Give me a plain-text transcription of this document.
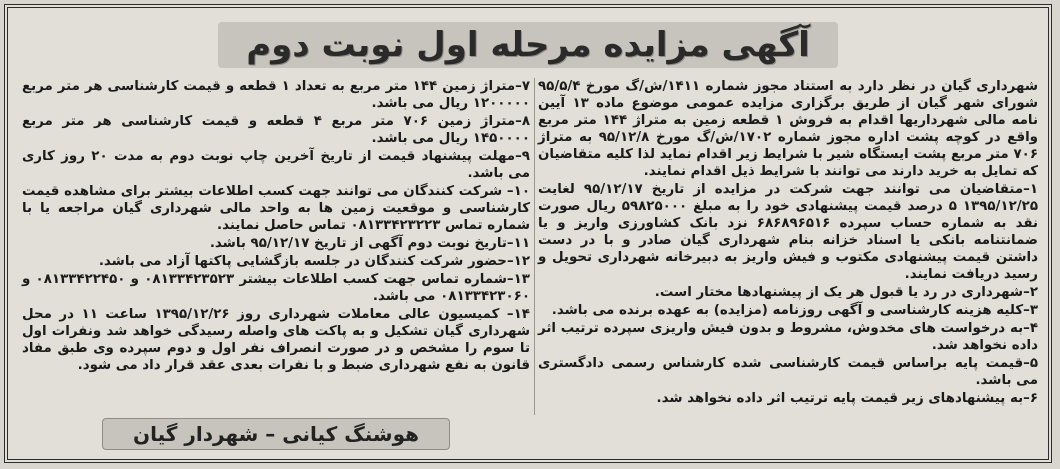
آگهی مزایده مرحله اول نوبت دوم

شهرداری گیان در نظر دارد به استناد مجوز شماره ۱۴۱۱/ش/گ مورخ ۹۵/۵/۴ شورای شهر گیان از طریق برگزاری مزایده عمومی موضوع ماده ۱۳ آیین نامه مالی شهرداریها اقدام به فروش ۱ قطعه زمین به متراژ ۱۴۴ متر مربع واقع در کوچه پشت اداره مجوز شماره ۱۷۰۲/ش/گ مورخ ۹۵/۱۲/۸ به متراژ ۷۰۶ متر مربع پشت ایستگاه شیر با شرایط زیر اقدام نماید لذا کلیه متقاضیان که تمایل به خرید دارند می توانند با شرایط ذیل اقدام نمایند.

۱–متقاضیان می توانند جهت شرکت در مزایده از تاریخ ۹۵/۱۲/۱۷ لغایت ۱۳۹۵/۱۲/۲۵ ۵ درصد قیمت پیشنهادی خود را به مبلغ ۵۹۸۲۵۰۰۰ ریال صورت نقد به شماره حساب سپرده ۶۸۶۸۹۶۵۱۶ نزد بانک کشاورزی واریز و یا ضمانتنامه بانکی یا اسناد خزانه بنام شهرداری گیان صادر و با در دست داشتن قیمت پیشنهادی مکتوب و فیش واریز به دبیرخانه شهرداری تحویل و رسید دریافت نمایند.

۲–شهرداری در رد یا قبول هر یک از پیشنهادها مختار است.

۳–کلیه هزینه کارشناسی و آگهی روزنامه (مزایده) به عهده برنده می باشد.

۴–به درخواست های مخدوش، مشروط و بدون فیش واریزی سپرده ترتیب اثر داده نخواهد شد.

۵–قیمت پایه براساس قیمت کارشناسی شده کارشناس رسمی دادگستری می باشد.

۶–به پیشنهادهای زیر قیمت پایه ترتیب اثر داده نخواهد شد.

۷–متراژ زمین ۱۴۴ متر مربع به تعداد ۱ قطعه و قیمت کارشناسی هر متر مربع ۱۲۰۰۰۰۰ ریال می باشد.

۸–متراژ زمین ۷۰۶ متر مربع ۴ قطعه و قیمت کارشناسی هر متر مربع ۱۴۵۰۰۰۰ ریال می باشد.

۹–مهلت پیشنهاد قیمت از تاریخ آخرین چاپ نوبت دوم به مدت ۲۰ روز کاری می باشد.

۱۰– شرکت کنندگان می توانند جهت کسب اطلاعات بیشتر برای مشاهده قیمت کارشناسی و موقعیت زمین ها به واحد مالی شهرداری گیان مراجعه یا با شماره تماس ۰۸۱۳۳۴۲۳۲۲۳ تماس حاصل نمایند.

۱۱–تاریخ نوبت دوم آگهی از تاریخ ۹۵/۱۲/۱۷ باشد.

۱۲–حضور شرکت کنندگان در جلسه بازگشایی پاکتها آزاد می باشد.

۱۳–شماره تماس جهت کسب اطلاعات بیشتر ۰۸۱۳۳۴۲۳۵۲۳ و ۰۸۱۳۳۴۲۲۴۵۰ و ۰۸۱۳۳۴۲۳۰۶۰ می باشد.

۱۴– کمیسیون عالی معاملات شهرداری روز ۱۳۹۵/۱۲/۲۶ ساعت ۱۱ در محل شهرداری گیان تشکیل و به پاکت های واصله رسیدگی خواهد شد ونفرات اول تا سوم را مشخص و در صورت انصراف نفر اول و دوم سپرده وی طبق مفاد قانون به نفع شهرداری ضبط و با نفرات بعدی عقد قرار داد می شود.

هوشنگ کیانی – شهردار گیان
